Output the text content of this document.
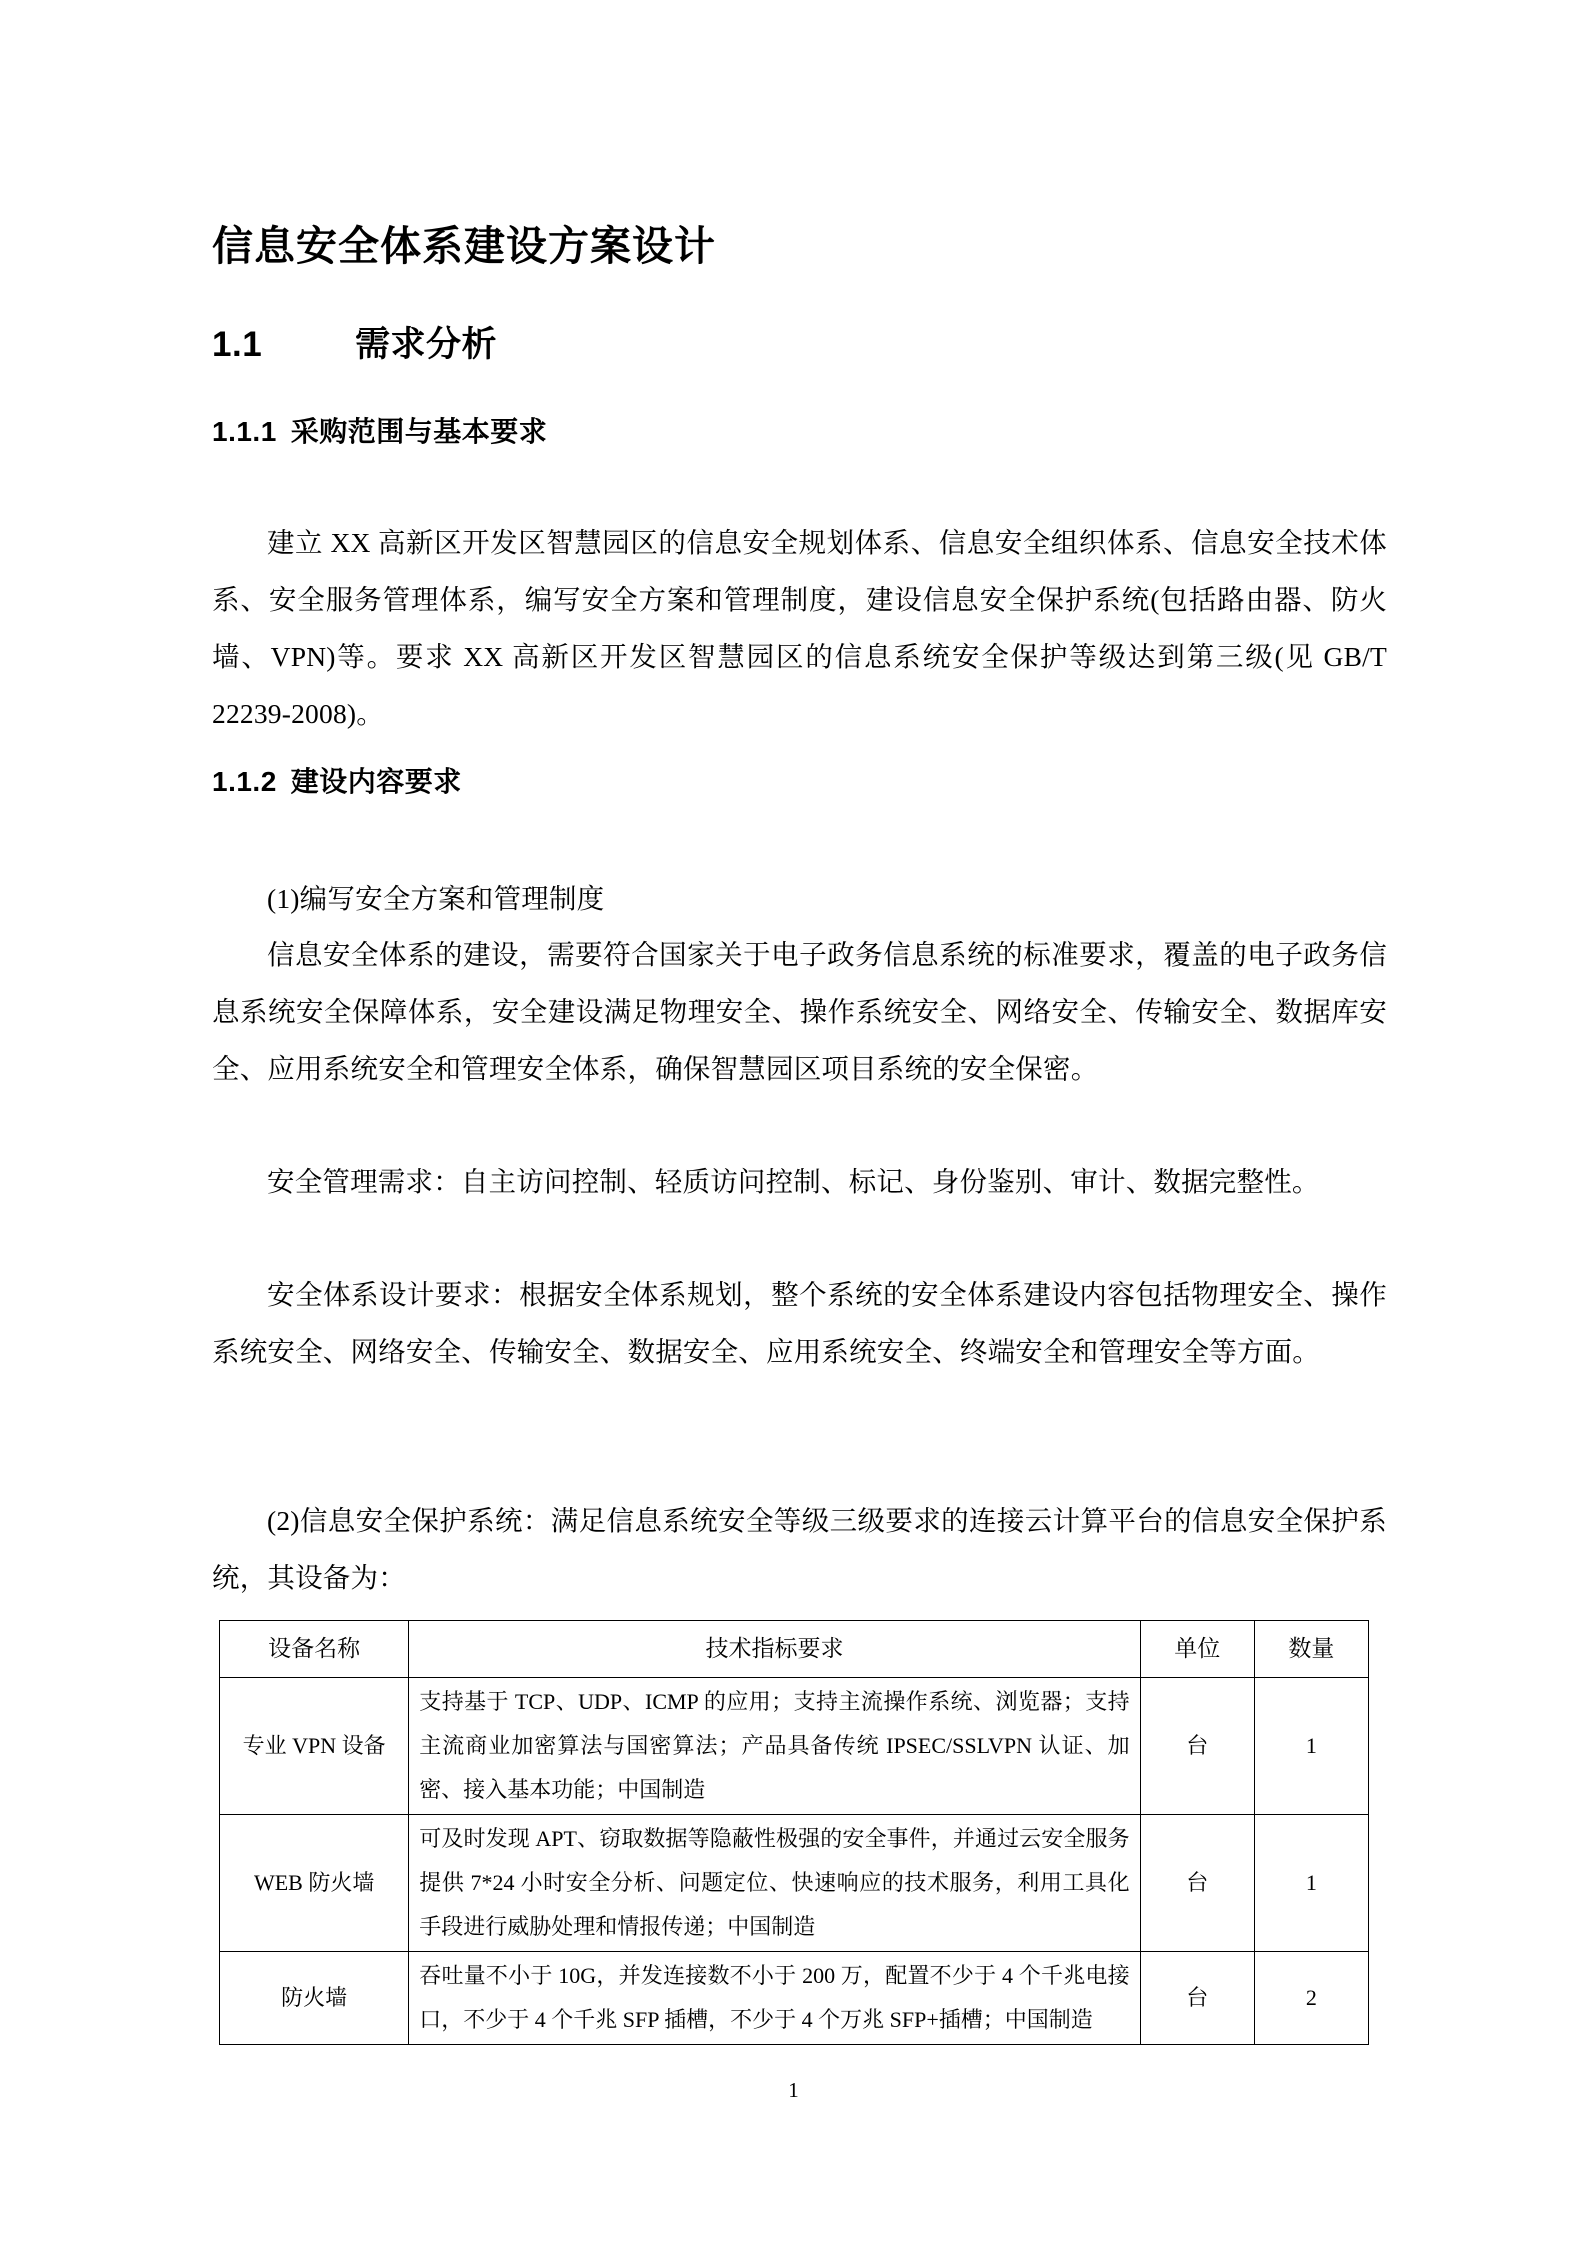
信息安全体系建设方案设计
1.1	需求分析
1.1.1 采购范围与基本要求

建立 XX 高新区开发区智慧园区的信息安全规划体系、信息安全组织体系、信息安全技术体系、安全服务管理体系，编写安全方案和管理制度，建设信息安全保护系统(包括路由器、防火墙、VPN)等。要求 XX 高新区开发区智慧园区的信息系统安全保护等级达到第三级(见 GB/T 22239-2008)。

1.1.2 建设内容要求

(1)编写安全方案和管理制度

信息安全体系的建设，需要符合国家关于电子政务信息系统的标准要求，覆盖的电子政务信息系统安全保障体系，安全建设满足物理安全、操作系统安全、网络安全、传输安全、数据库安全、应用系统安全和管理安全体系，确保智慧园区项目系统的安全保密。

安全管理需求：自主访问控制、轻质访问控制、标记、身份鉴别、审计、数据完整性。

安全体系设计要求：根据安全体系规划，整个系统的安全体系建设内容包括物理安全、操作系统安全、网络安全、传输安全、数据安全、应用系统安全、终端安全和管理安全等方面。

(2)信息安全保护系统：满足信息系统安全等级三级要求的连接云计算平台的信息安全保护系统，其设备为：

设备名称	技术指标要求	单位	数量
专业 VPN 设备	支持基于 TCP、UDP、ICMP 的应用；支持主流操作系统、浏览器；支持主流商业加密算法与国密算法；产品具备传统 IPSEC/SSLVPN 认证、加密、接入基本功能；中国制造	台	1
WEB 防火墙	可及时发现 APT、窃取数据等隐蔽性极强的安全事件，并通过云安全服务提供 7*24 小时安全分析、问题定位、快速响应的技术服务，利用工具化手段进行威胁处理和情报传递；中国制造	台	1
防火墙	吞吐量不小于 10G，并发连接数不小于 200 万，配置不少于 4 个千兆电接口，不少于 4 个千兆 SFP 插槽，不少于 4 个万兆 SFP+插槽；中国制造	台	2
1
